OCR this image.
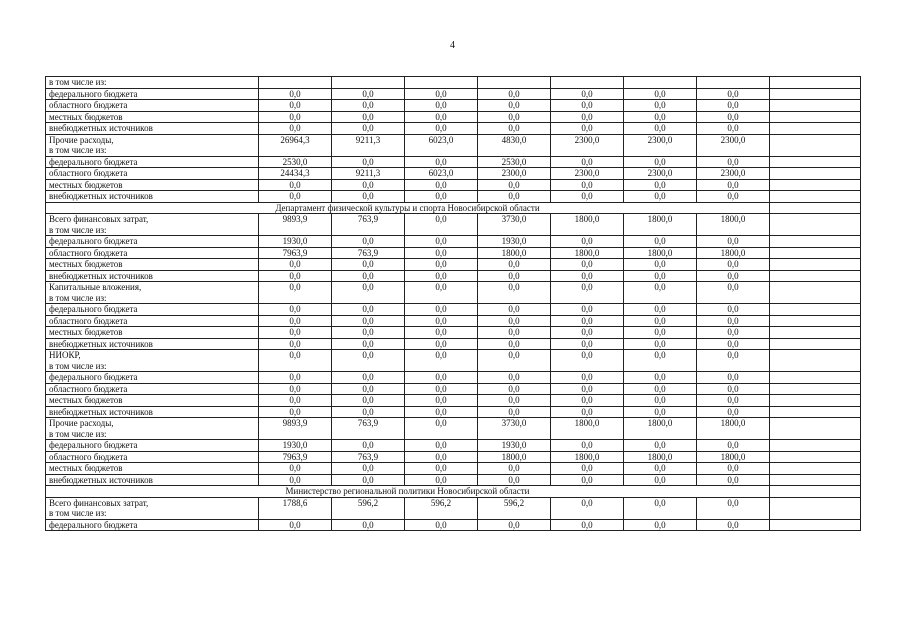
4
в том числе из:								

федерального бюджета	0,0	0,0	0,0	0,0	0,0	0,0	0,0	

областного бюджета	0,0	0,0	0,0	0,0	0,0	0,0	0,0	

местных бюджетов	0,0	0,0	0,0	0,0	0,0	0,0	0,0	

внебюджетных источников	0,0	0,0	0,0	0,0	0,0	0,0	0,0	

Прочие расходы,
в том числе из:	26964,3	9211,3	6023,0	4830,0	2300,0	2300,0	2300,0	

федерального бюджета	2530,0	0,0	0,0	2530,0	0,0	0,0	0,0	

областного бюджета	24434,3	9211,3	6023,0	2300,0	2300,0	2300,0	2300,0	

местных бюджетов	0,0	0,0	0,0	0,0	0,0	0,0	0,0	

внебюджетных источников	0,0	0,0	0,0	0,0	0,0	0,0	0,0	
Департамент физической культуры и спорта Новосибирской области								

Всего финансовых затрат,
в том числе из:	9893,9	763,9	0,0	3730,0	1800,0	1800,0	1800,0	

федерального бюджета	1930,0	0,0	0,0	1930,0	0,0	0,0	0,0	

областного бюджета	7963,9	763,9	0,0	1800,0	1800,0	1800,0	1800,0	

местных бюджетов	0,0	0,0	0,0	0,0	0,0	0,0	0,0	

внебюджетных источников	0,0	0,0	0,0	0,0	0,0	0,0	0,0	

Капитальные вложения,
в том числе из:	0,0	0,0	0,0	0,0	0,0	0,0	0,0	

федерального бюджета	0,0	0,0	0,0	0,0	0,0	0,0	0,0	

областного бюджета	0,0	0,0	0,0	0,0	0,0	0,0	0,0	

местных бюджетов	0,0	0,0	0,0	0,0	0,0	0,0	0,0	

внебюджетных источников	0,0	0,0	0,0	0,0	0,0	0,0	0,0	

НИОКР,
в том числе из:	0,0	0,0	0,0	0,0	0,0	0,0	0,0	

федерального бюджета	0,0	0,0	0,0	0,0	0,0	0,0	0,0	

областного бюджета	0,0	0,0	0,0	0,0	0,0	0,0	0,0	

местных бюджетов	0,0	0,0	0,0	0,0	0,0	0,0	0,0	

внебюджетных источников	0,0	0,0	0,0	0,0	0,0	0,0	0,0	

Прочие расходы,
в том числе из:	9893,9	763,9	0,0	3730,0	1800,0	1800,0	1800,0	

федерального бюджета	1930,0	0,0	0,0	1930,0	0,0	0,0	0,0	

областного бюджета	7963,9	763,9	0,0	1800,0	1800,0	1800,0	1800,0	

местных бюджетов	0,0	0,0	0,0	0,0	0,0	0,0	0,0	

внебюджетных источников	0,0	0,0	0,0	0,0	0,0	0,0	0,0	
Министерство региональной политики Новосибирской области								

Всего финансовых затрат,
в том числе из:	1788,6	596,2	596,2	596,2	0,0	0,0	0,0	

федерального бюджета	0,0	0,0	0,0	0,0	0,0	0,0	0,0	
